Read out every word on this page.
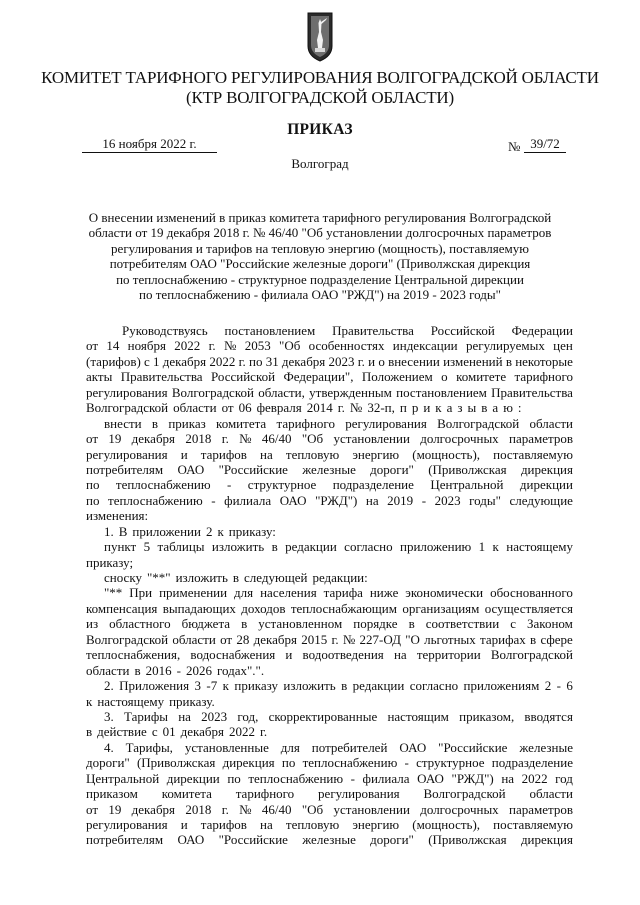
КОМИТЕТ ТАРИФНОГО РЕГУЛИРОВАНИЯ ВОЛГОГРАДСКОЙ ОБЛАСТИ
(КТР ВОЛГОГРАДСКОЙ ОБЛАСТИ)
ПРИКАЗ
16 ноября 2022 г.	№ 39/72
Волгоград
О внесении изменений в приказ комитета тарифного регулирования Волгоградской
области от 19 декабря 2018 г. № 46/40 "Об установлении долгосрочных параметров
регулирования и тарифов на тепловую энергию (мощность), поставляемую
потребителям ОАО "Российские железные дороги" (Приволжская дирекция
по теплоснабжению - структурное подразделение Центральной дирекции
по теплоснабжению - филиала ОАО "РЖД") на 2019 - 2023 годы"
Руководствуясь постановлением Правительства Российской Федерации
от 14 ноября 2022 г. № 2053 "Об особенностях индексации регулируемых цен
(тарифов) с 1 декабря 2022 г. по 31 декабря 2023 г. и о внесении изменений в некоторые
акты Правительства Российской Федерации", Положением о комитете тарифного
регулирования Волгоградской области, утвержденным постановлением Правительства
Волгоградской области от 06 февраля 2014 г. № 32-п, п р и к а з ы в а ю :
внести в приказ комитета тарифного регулирования Волгоградской области
от 19 декабря 2018 г. № 46/40 "Об установлении долгосрочных параметров
регулирования и тарифов на тепловую энергию (мощность), поставляемую
потребителям ОАО "Российские железные дороги" (Приволжская дирекция
по теплоснабжению - структурное подразделение Центральной дирекции
по теплоснабжению - филиала ОАО "РЖД") на 2019 - 2023 годы" следующие
изменения:
1. В приложении 2 к приказу:
пункт 5 таблицы изложить в редакции согласно приложению 1 к настоящему
приказу;
сноску "**" изложить в следующей редакции:
"** При применении для населения тарифа ниже экономически обоснованного
компенсация выпадающих доходов теплоснабжающим организациям осуществляется
из областного бюджета в установленном порядке в соответствии с Законом
Волгоградской области от 28 декабря 2015 г. № 227-ОД "О льготных тарифах в сфере
теплоснабжения, водоснабжения и водоотведения на территории Волгоградской
области в 2016 - 2026 годах".".
2. Приложения 3 -7 к приказу изложить в редакции согласно приложениям 2 - 6
к настоящему приказу.
3. Тарифы на 2023 год, скорректированные настоящим приказом, вводятся
в действие с 01 декабря 2022 г.
4. Тарифы, установленные для потребителей ОАО "Российские железные
дороги" (Приволжская дирекция по теплоснабжению - структурное подразделение
Центральной дирекции по теплоснабжению - филиала ОАО "РЖД") на 2022 год
приказом комитета тарифного регулирования Волгоградской области
от 19 декабря 2018 г. № 46/40 "Об установлении долгосрочных параметров
регулирования и тарифов на тепловую энергию (мощность), поставляемую
потребителям ОАО "Российские железные дороги" (Приволжская дирекция
